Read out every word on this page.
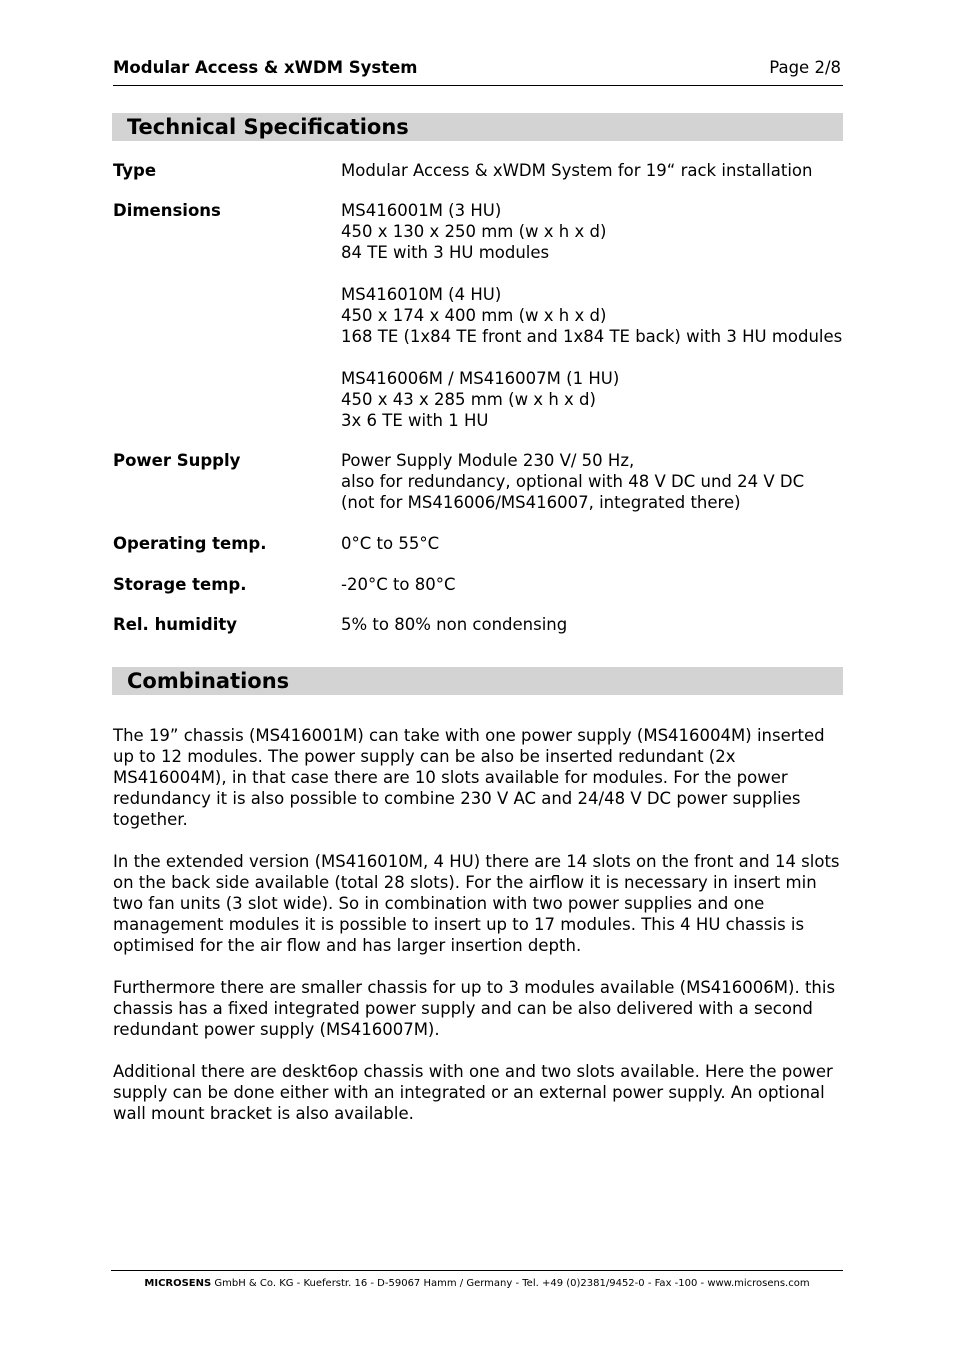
Modular Access & xWDM System	Page 2/8
Technical Specifications
Type	Modular Access & xWDM System for 19“ rack installation
Dimensions	MS416001M (3 HU)
450 x 130 x 250 mm (w x h x d)
84 TE with 3 HU modules
MS416010M (4 HU)
450 x 174 x 400 mm (w x h x d)
168 TE (1x84 TE front and 1x84 TE back) with 3 HU modules
MS416006M / MS416007M (1 HU)
450 x 43 x 285 mm (w x h x d)
3x 6 TE with 1 HU
Power Supply	Power Supply Module 230 V/ 50 Hz,
also for redundancy, optional with 48 V DC und 24 V DC
(not for MS416006/MS416007, integrated there)
Operating temp.	0°C to 55°C
Storage temp.	-20°C to 80°C
Rel. humidity	5% to 80% non condensing
Combinations

The 19” chassis (MS416001M) can take with one power supply (MS416004M) inserted
up to 12 modules. The power supply can be also be inserted redundant (2x
MS416004M), in that case there are 10 slots available for modules. For the power
redundancy it is also possible to combine 230 V AC and 24/48 V DC power supplies
together.

In the extended version (MS416010M, 4 HU) there are 14 slots on the front and 14 slots
on the back side available (total 28 slots). For the airflow it is necessary in insert min
two fan units (3 slot wide). So in combination with two power supplies and one
management modules it is possible to insert up to 17 modules. This 4 HU chassis is
optimised for the air flow and has larger insertion depth.

Furthermore there are smaller chassis for up to 3 modules available (MS416006M). this
chassis has a fixed integrated power supply and can be also delivered with a second
redundant power supply (MS416007M).

Additional there are deskt6op chassis with one and two slots available. Here the power
supply can be done either with an integrated or an external power supply. An optional
wall mount bracket is also available.

MICROSENS GmbH & Co. KG - Kueferstr. 16 - D-59067 Hamm / Germany - Tel. +49 (0)2381/9452-0 - Fax -100 - www.microsens.com
